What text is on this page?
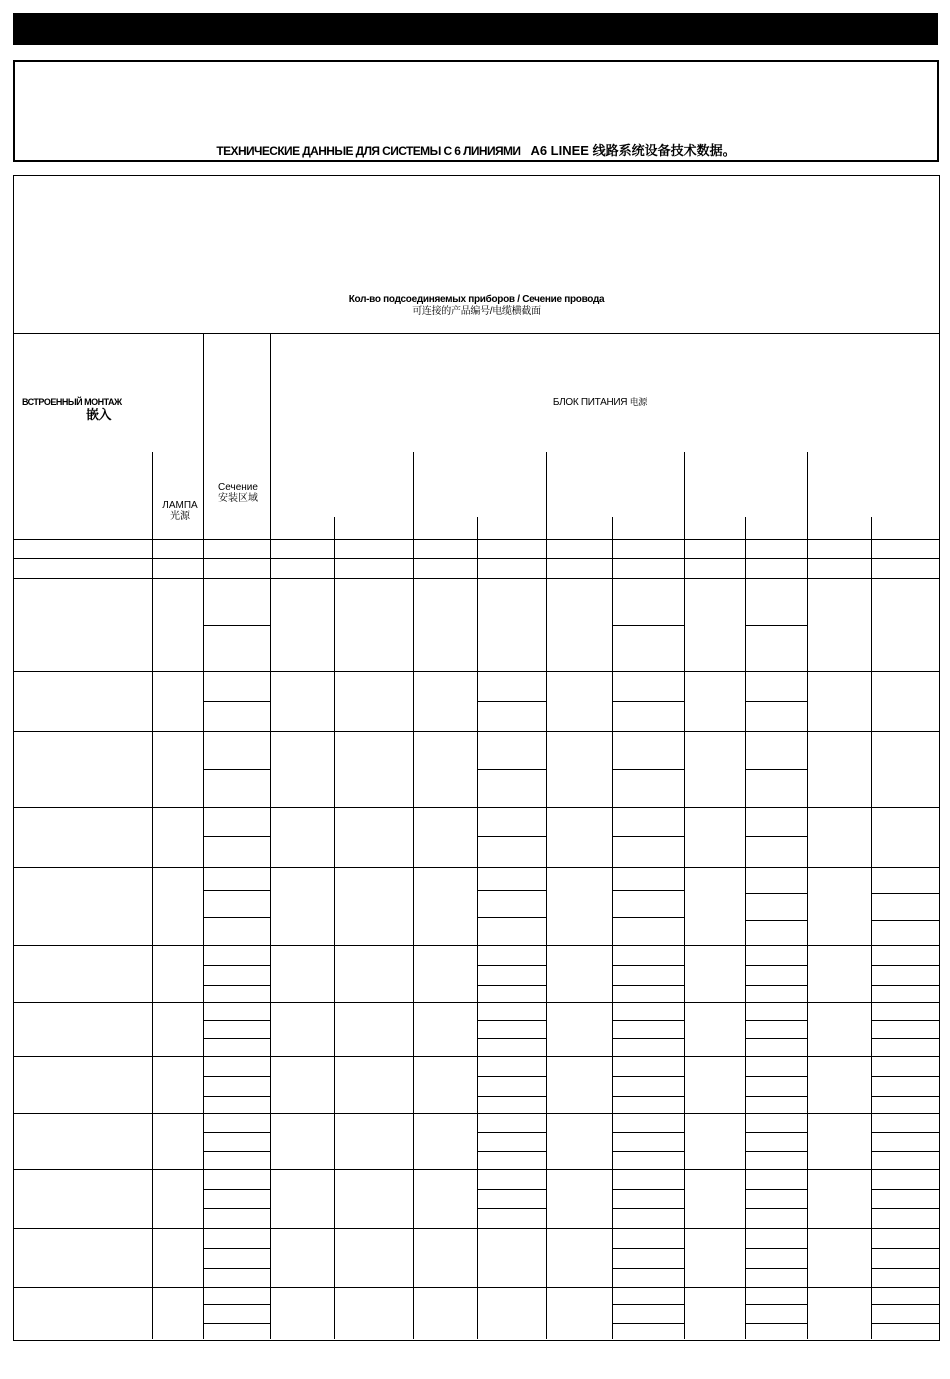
ТЕХНИЧЕСКИЕ ДАННЫЕ ДЛЯ СИСТЕМЫ С 6 ЛИНИЯМИ A6 LINEE 线路系统设备技术数据。
Кол-во подсоединяемых приборов / Сечение провода
可连接的产品编号/电缆横截面
ВСТРОЕННЫЙ МОНТАЖ
嵌入
БЛОК ПИТАНИЯ 电源
ЛАМПА
光源
Сечение
安装区域
